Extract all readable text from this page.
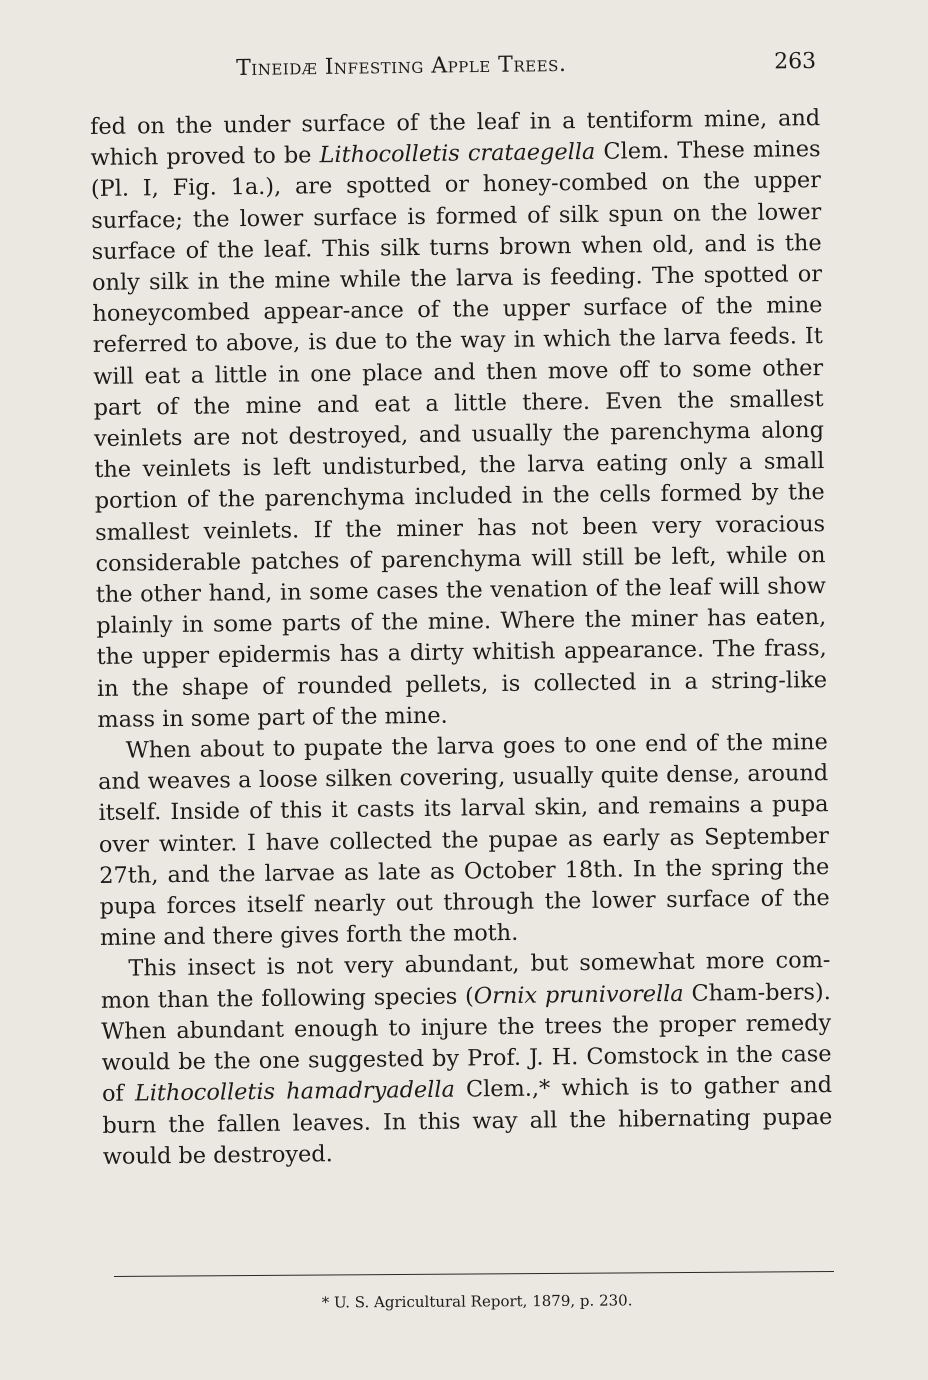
Tineidæ Infesting Apple Trees.	263

fed on the under surface of the leaf in a tentiform mine, and which proved to be Lithocolletis crataegella Clem. These mines (Pl. I, Fig. 1a.), are spotted or honey-combed on the upper surface; the lower surface is formed of silk spun on the lower surface of the leaf. This silk turns brown when old, and is the only silk in the mine while the larva is feeding. The spotted or honeycombed appear-ance of the upper surface of the mine referred to above, is due to the way in which the larva feeds. It will eat a little in one place and then move off to some other part of the mine and eat a little there. Even the smallest veinlets are not destroyed, and usually the parenchyma along the veinlets is left undisturbed, the larva eating only a small portion of the parenchyma included in the cells formed by the smallest veinlets. If the miner has not been very voracious considerable patches of parenchyma will still be left, while on the other hand, in some cases the venation of the leaf will show plainly in some parts of the mine. Where the miner has eaten, the upper epidermis has a dirty whitish appearance. The frass, in the shape of rounded pellets, is collected in a string-like mass in some part of the mine.

When about to pupate the larva goes to one end of the mine and weaves a loose silken covering, usually quite dense, around itself. Inside of this it casts its larval skin, and remains a pupa over winter. I have collected the pupae as early as September 27th, and the larvae as late as October 18th. In the spring the pupa forces itself nearly out through the lower surface of the mine and there gives forth the moth.

This insect is not very abundant, but somewhat more com-mon than the following species (Ornix prunivorella Cham-bers). When abundant enough to injure the trees the proper remedy would be the one suggested by Prof. J. H. Comstock in the case of Lithocolletis hamadryadella Clem.,* which is to gather and burn the fallen leaves. In this way all the hibernating pupae would be destroyed.

* U. S. Agricultural Report, 1879, p. 230.
